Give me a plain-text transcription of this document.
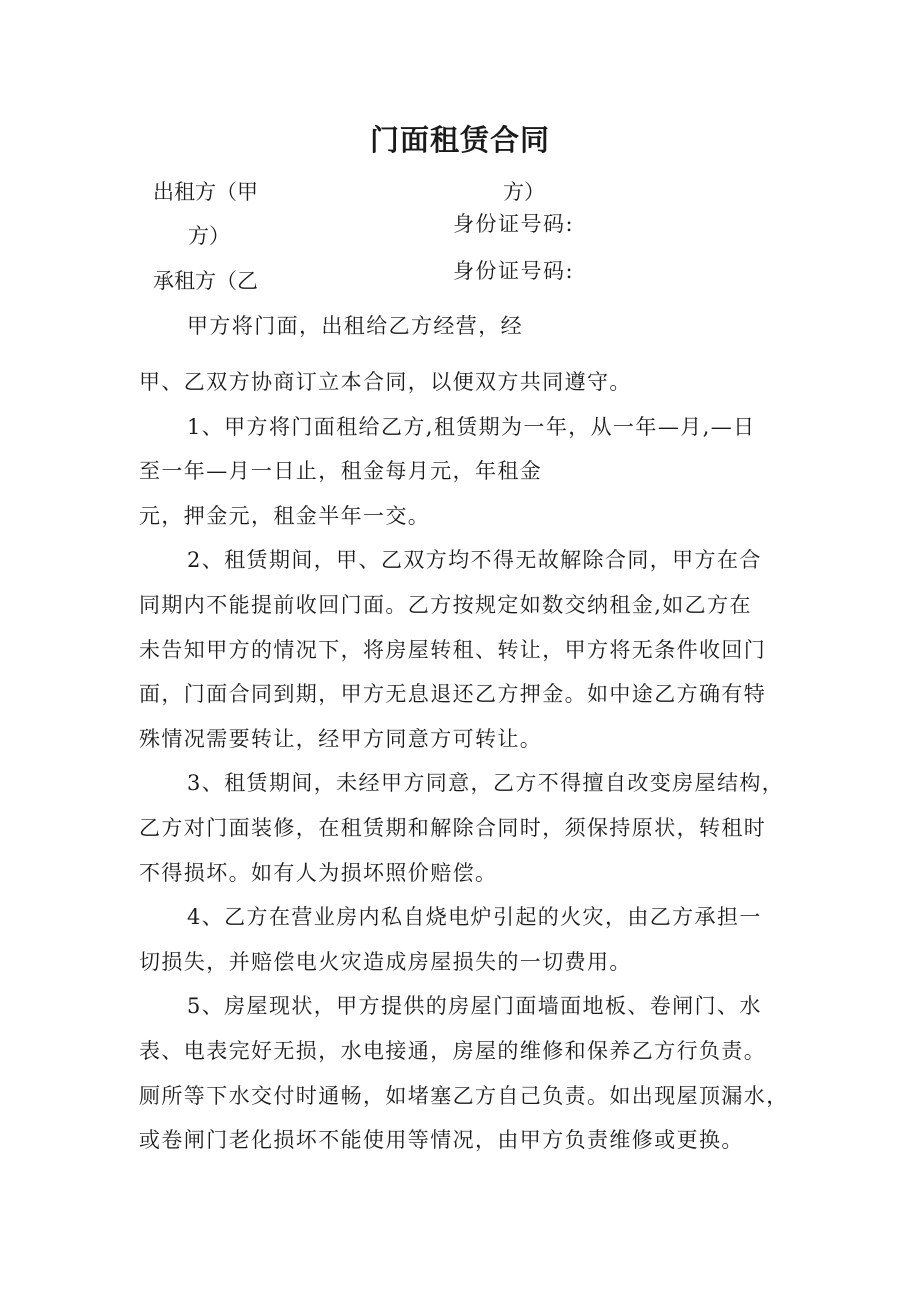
门面租赁合同
出租方（甲	方）
方）	身份证号码:
承租方（乙	身份证号码:
甲方将门面，出租给乙方经营，经
甲、乙双方协商订立本合同，以便双方共同遵守。
1、甲方将门面租给乙方,租赁期为一年，从一年—月,—日
至一年—月一日止，租金每月元，年租金
元，押金元，租金半年一交。
2、租赁期间，甲、乙双方均不得无故解除合同，甲方在合
同期内不能提前收回门面。乙方按规定如数交纳租金,如乙方在
未告知甲方的情况下，将房屋转租、转让，甲方将无条件收回门
面，门面合同到期，甲方无息退还乙方押金。如中途乙方确有特
殊情况需要转让，经甲方同意方可转让。
3、租赁期间，未经甲方同意，乙方不得擅自改变房屋结构，
乙方对门面装修，在租赁期和解除合同时，须保持原状，转租时
不得损坏。如有人为损坏照价赔偿。
4、乙方在营业房内私自烧电炉引起的火灾，由乙方承担一
切损失，并赔偿电火灾造成房屋损失的一切费用。
5、房屋现状，甲方提供的房屋门面墙面地板、卷闸门、水
表、电表完好无损，水电接通，房屋的维修和保养乙方行负责。
厕所等下水交付时通畅，如堵塞乙方自己负责。如出现屋顶漏水，
或卷闸门老化损坏不能使用等情况，由甲方负责维修或更换。
